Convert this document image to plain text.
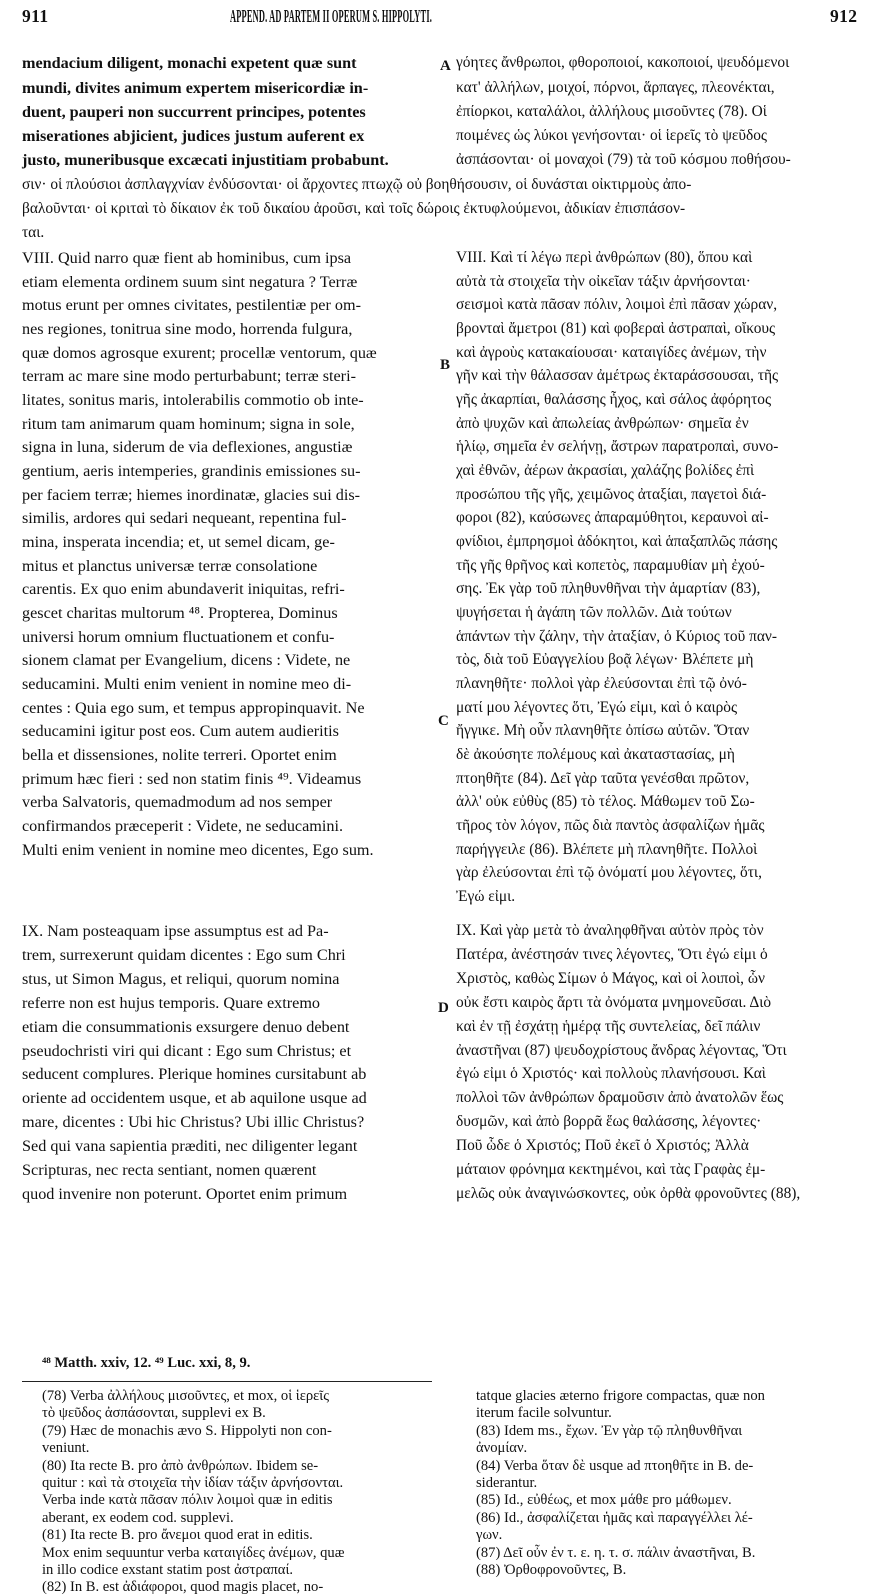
911	APPEND. AD PARTEM II OPERUM S. HIPPOLYTI.	912
A
B
C
D
mendacium diligent, monachi expetent quæ sunt
mundi, divites animum expertem misericordiæ in-
duent, pauperi non succurrent principes, potentes
miserationes abjicient, judices justum auferent ex
justo, muneribusque excæcati injustitiam probabunt.
γόητες ἄνθρωποι, φθοροποιοί, κακοποιοί, ψευδόμενοι
κατ' ἀλλήλων, μοιχοί, πόρνοι, ἅρπαγες, πλεονέκται,
ἐπίορκοι, καταλάλοι, ἀλλήλους μισοῦντες (78). Οἱ
ποιμένες ὡς λύκοι γενήσονται· οἱ ἱερεῖς τὸ ψεῦδος
ἀσπάσονται· οἱ μοναχοὶ (79) τὰ τοῦ κόσμου ποθήσου-
σιν· οἱ πλούσιοι ἀσπλαγχνίαν ἐνδύσονται· οἱ ἄρχοντες πτωχῷ οὐ βοηθήσουσιν, οἱ δυνάσται οἰκτιρμοὺς ἀπο-
βαλοῦνται· οἱ κριταὶ τὸ δίκαιον ἐκ τοῦ δικαίου ἀροῦσι, καὶ τοῖς δώροις ἐκτυφλούμενοι, ἀδικίαν ἐπισπάσον-
ται.
VIII. Quid narro quæ fient ab hominibus, cum ipsa
etiam elementa ordinem suum sint negatura ? Terræ
motus erunt per omnes civitates, pestilentiæ per om-
nes regiones, tonitrua sine modo, horrenda fulgura,
quæ domos agrosque exurent; procellæ ventorum, quæ
terram ac mare sine modo perturbabunt; terræ steri-
litates, sonitus maris, intolerabilis commotio ob inte-
ritum tam animarum quam hominum; signa in sole,
signa in luna, siderum de via deflexiones, angustiæ
gentium, aeris intemperies, grandinis emissiones su-
per faciem terræ; hiemes inordinatæ, glacies sui dis-
similis, ardores qui sedari nequeant, repentina ful-
mina, insperata incendia; et, ut semel dicam, ge-
mitus et planctus universæ terræ consolatione
carentis. Ex quo enim abundaverit iniquitas, refri-
gescet charitas multorum ⁴⁸. Propterea, Dominus
universi horum omnium fluctuationem et confu-
sionem clamat per Evangelium, dicens : Videte, ne
seducamini. Multi enim venient in nomine meo di-
centes : Quia ego sum, et tempus appropinquavit. Ne
seducamini igitur post eos. Cum autem audieritis
bella et dissensiones, nolite terreri. Oportet enim
primum hæc fieri : sed non statim finis ⁴⁹. Videamus
verba Salvatoris, quemadmodum ad nos semper
confirmandos præceperit : Videte, ne seducamini.
Multi enim venient in nomine meo dicentes, Ego sum.
VIII. Καὶ τί λέγω περὶ ἀνθρώπων (80), ὅπου καὶ
αὐτὰ τὰ στοιχεῖα τὴν οἰκεῖαν τάξιν ἀρνήσονται·
σεισμοὶ κατὰ πᾶσαν πόλιν, λοιμοὶ ἐπὶ πᾶσαν χώραν,
βρονταὶ ἄμετροι (81) καὶ φοβεραὶ ἀστραπαὶ, οἴκους
καὶ ἀγροὺς κατακαίουσαι· καταιγίδες ἀνέμων, τὴν
γῆν καὶ τὴν θάλασσαν ἀμέτρως ἐκταράσσουσαι, τῆς
γῆς ἀκαρπίαι, θαλάσσης ἦχος, καὶ σάλος ἀφόρητος
ἀπὸ ψυχῶν καὶ ἀπωλείας ἀνθρώπων· σημεῖα ἐν
ἡλίῳ, σημεῖα ἐν σελήνῃ, ἄστρων παρατροπαὶ, συνο-
χαὶ ἐθνῶν, ἀέρων ἀκρασίαι, χαλάζης βολίδες ἐπὶ
προσώπου τῆς γῆς, χειμῶνος ἀταξίαι, παγετοὶ διά-
φοροι (82), καύσωνες ἀπαραμύθητοι, κεραυνοὶ αἰ-
φνίδιοι, ἐμπρησμοὶ ἀδόκητοι, καὶ ἁπαξαπλῶς πάσης
τῆς γῆς θρῆνος καὶ κοπετὸς, παραμυθίαν μὴ ἐχού-
σης. Ἐκ γὰρ τοῦ πληθυνθῆναι τὴν ἁμαρτίαν (83),
ψυγήσεται ἡ ἀγάπη τῶν πολλῶν. Διὰ τούτων
ἁπάντων τὴν ζάλην, τὴν ἀταξίαν, ὁ Κύριος τοῦ παν-
τὸς, διὰ τοῦ Εὐαγγελίου βοᾷ λέγων· Βλέπετε μὴ
πλανηθῆτε· πολλοὶ γὰρ ἐλεύσονται ἐπὶ τῷ ὀνό-
ματί μου λέγοντες ὅτι, Ἐγώ εἰμι, καὶ ὁ καιρὸς
ἤγγικε. Μὴ οὖν πλανηθῆτε ὀπίσω αὐτῶν. Ὅταν
δὲ ἀκούσητε πολέμους καὶ ἀκαταστασίας, μὴ
πτοηθῆτε (84). Δεῖ γὰρ ταῦτα γενέσθαι πρῶτον,
ἀλλ' οὐκ εὐθὺς (85) τὸ τέλος. Μάθωμεν τοῦ Σω-
τῆρος τὸν λόγον, πῶς διὰ παντὸς ἀσφαλίζων ἡμᾶς
παρήγγειλε (86). Βλέπετε μὴ πλανηθῆτε. Πολλοὶ
γὰρ ἐλεύσονται ἐπὶ τῷ ὀνόματί μου λέγοντες, ὅτι,
Ἐγώ εἰμι.
IX. Nam posteaquam ipse assumptus est ad Pa-
trem, surrexerunt quidam dicentes : Ego sum Chri
stus, ut Simon Magus, et reliqui, quorum nomina
referre non est hujus temporis. Quare extremo
etiam die consummationis exsurgere denuo debent
pseudochristi viri qui dicant : Ego sum Christus; et
seducent complures. Plerique homines cursitabunt ab
oriente ad occidentem usque, et ab aquilone usque ad
mare, dicentes : Ubi hic Christus? Ubi illic Christus?
Sed qui vana sapientia præditi, nec diligenter legant
Scripturas, nec recta sentiant, nomen quærent
quod invenire non poterunt. Oportet enim primum
IX. Καὶ γὰρ μετὰ τὸ ἀναληφθῆναι αὐτὸν πρὸς τὸν
Πατέρα, ἀνέστησάν τινες λέγοντες, Ὅτι ἐγώ εἰμι ὁ
Χριστὸς, καθὼς Σίμων ὁ Μάγος, καὶ οἱ λοιποὶ, ὧν
οὐκ ἔστι καιρὸς ἄρτι τὰ ὀνόματα μνημονεῦσαι. Διὸ
καὶ ἐν τῇ ἐσχάτῃ ἡμέρᾳ τῆς συντελείας, δεῖ πάλιν
ἀναστῆναι (87) ψευδοχρίστους ἄνδρας λέγοντας, Ὅτι
ἐγώ εἰμι ὁ Χριστός· καὶ πολλοὺς πλανήσουσι. Καὶ
πολλοὶ τῶν ἀνθρώπων δραμοῦσιν ἀπὸ ἀνατολῶν ἕως
δυσμῶν, καὶ ἀπὸ βορρᾶ ἕως θαλάσσης, λέγοντες·
Ποῦ ὧδε ὁ Χριστός; Ποῦ ἐκεῖ ὁ Χριστός; Ἀλλὰ
μάταιον φρόνημα κεκτημένοι, καὶ τὰς Γραφὰς ἐμ-
μελῶς οὐκ ἀναγινώσκοντες, οὐκ ὀρθὰ φρονοῦντες (88),
⁴⁸ Matth. xxiv, 12. ⁴⁹ Luc. xxi, 8, 9.
(78) Verba ἀλλήλους μισοῦντες, et mox, οἱ ἱερεῖς
τὸ ψεῦδος ἀσπάσονται, supplevi ex B.
(79) Hæc de monachis ævo S. Hippolyti non con-
veniunt.
(80) Ita recte B. pro ἀπὸ ἀνθρώπων. Ibidem se-
quitur : καὶ τὰ στοιχεῖα τὴν ἰδίαν τάξιν ἀρνήσονται.
Verba inde κατὰ πᾶσαν πόλιν λοιμοὶ quæ in editis
aberant, ex eodem cod. supplevi.
(81) Ita recte B. pro ἄνεμοι quod erat in editis.
Mox enim sequuntur verba καταιγίδες ἀνέμων, quæ
in illo codice exstant statim post ἀστραπαί.
(82) In B. est ἀδιάφοροι, quod magis placet, no-
tatque glacies æterno frigore compactas, quæ non
iterum facile solvuntur.
(83) Idem ms., ἔχων. Ἐν γὰρ τῷ πληθυνθῆναι
ἀνομίαν.
(84) Verba ὅταν δὲ usque ad πτοηθῆτε in B. de-
siderantur.
(85) Id., εὐθέως, et mox μάθε pro μάθωμεν.
(86) Id., ἀσφαλίζεται ἡμᾶς καὶ παραγγέλλει λέ-
γων.
(87) Δεῖ οὖν ἐν τ. ε. η. τ. σ. πάλιν ἀναστῆναι, B.
(88) Ὀρθοφρονοῦντες, B.
